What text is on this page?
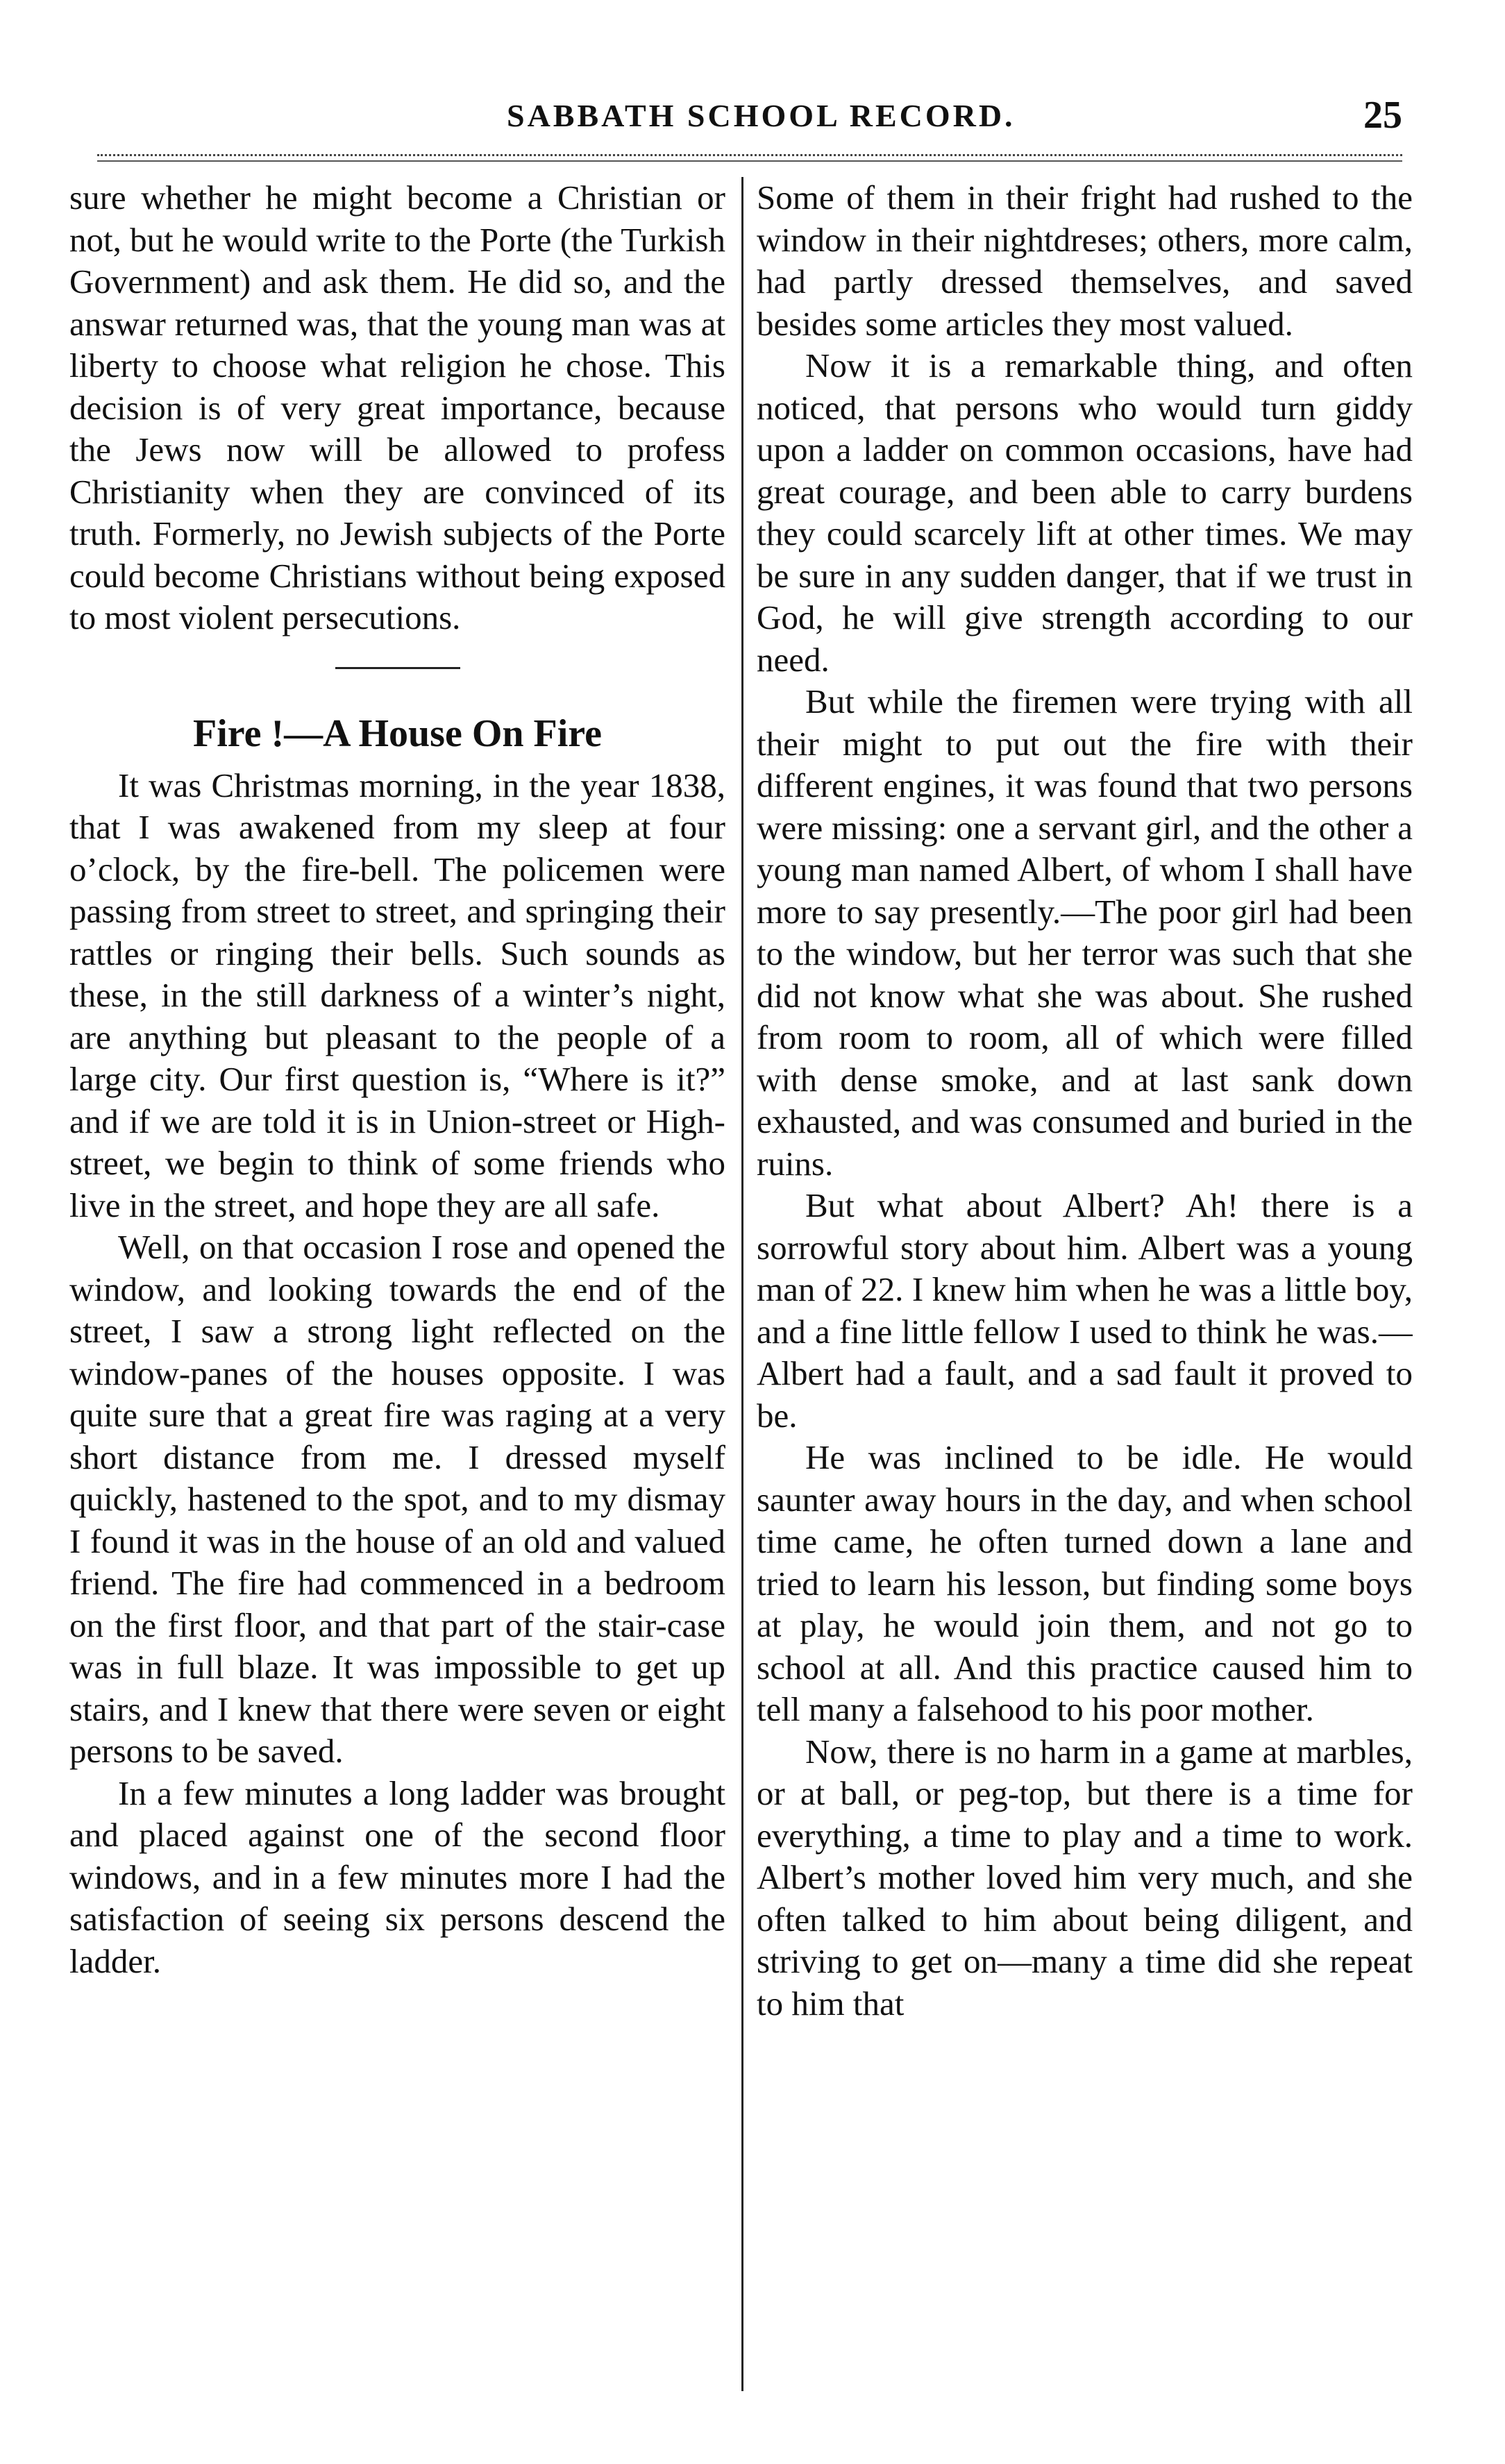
SABBATH SCHOOL RECORD.	25

sure whether he might become a Christian or not, but he would write to the Porte (the Turkish Government) and ask them. He did so, and the answar returned was, that the young man was at liberty to choose what religion he chose. This decision is of very great importance, because the Jews now will be allowed to profess Christianity when they are convinced of its truth. Formerly, no Jewish subjects of the Porte could become Christians without being exposed to most violent persecutions.

Fire !—A House On Fire

It was Christmas morning, in the year 1838, that I was awakened from my sleep at four o’clock, by the fire-bell. The policemen were passing from street to street, and springing their rattles or ringing their bells. Such sounds as these, in the still darkness of a winter’s night, are anything but pleasant to the people of a large city. Our first question is, “Where is it?” and if we are told it is in Union-street or High-street, we begin to think of some friends who live in the street, and hope they are all safe.

Well, on that occasion I rose and opened the window, and looking towards the end of the street, I saw a strong light reflected on the window-panes of the houses opposite. I was quite sure that a great fire was raging at a very short distance from me. I dressed myself quickly, hastened to the spot, and to my dismay I found it was in the house of an old and valued friend. The fire had commenced in a bedroom on the first floor, and that part of the stair-case was in full blaze. It was impossible to get up stairs, and I knew that there were seven or eight persons to be saved.

In a few minutes a long ladder was brought and placed against one of the second floor windows, and in a few minutes more I had the satisfaction of seeing six persons descend the ladder.

Some of them in their fright had rushed to the window in their nightdreses; others, more calm, had partly dressed themselves, and saved besides some articles they most valued.

Now it is a remarkable thing, and often noticed, that persons who would turn giddy upon a ladder on common occasions, have had great courage, and been able to carry burdens they could scarcely lift at other times. We may be sure in any sudden danger, that if we trust in God, he will give strength according to our need.

But while the firemen were trying with all their might to put out the fire with their different engines, it was found that two persons were missing: one a servant girl, and the other a young man named Albert, of whom I shall have more to say presently.—The poor girl had been to the window, but her terror was such that she did not know what she was about. She rushed from room to room, all of which were filled with dense smoke, and at last sank down exhausted, and was consumed and buried in the ruins.

But what about Albert? Ah! there is a sorrowful story about him. Albert was a young man of 22. I knew him when he was a little boy, and a fine little fellow I used to think he was.—Albert had a fault, and a sad fault it proved to be.

He was inclined to be idle. He would saunter away hours in the day, and when school time came, he often turned down a lane and tried to learn his lesson, but finding some boys at play, he would join them, and not go to school at all. And this practice caused him to tell many a falsehood to his poor mother.

Now, there is no harm in a game at marbles, or at ball, or peg-top, but there is a time for everything, a time to play and a time to work. Albert’s mother loved him very much, and she often talked to him about being diligent, and striving to get on—many a time did she repeat to him that
